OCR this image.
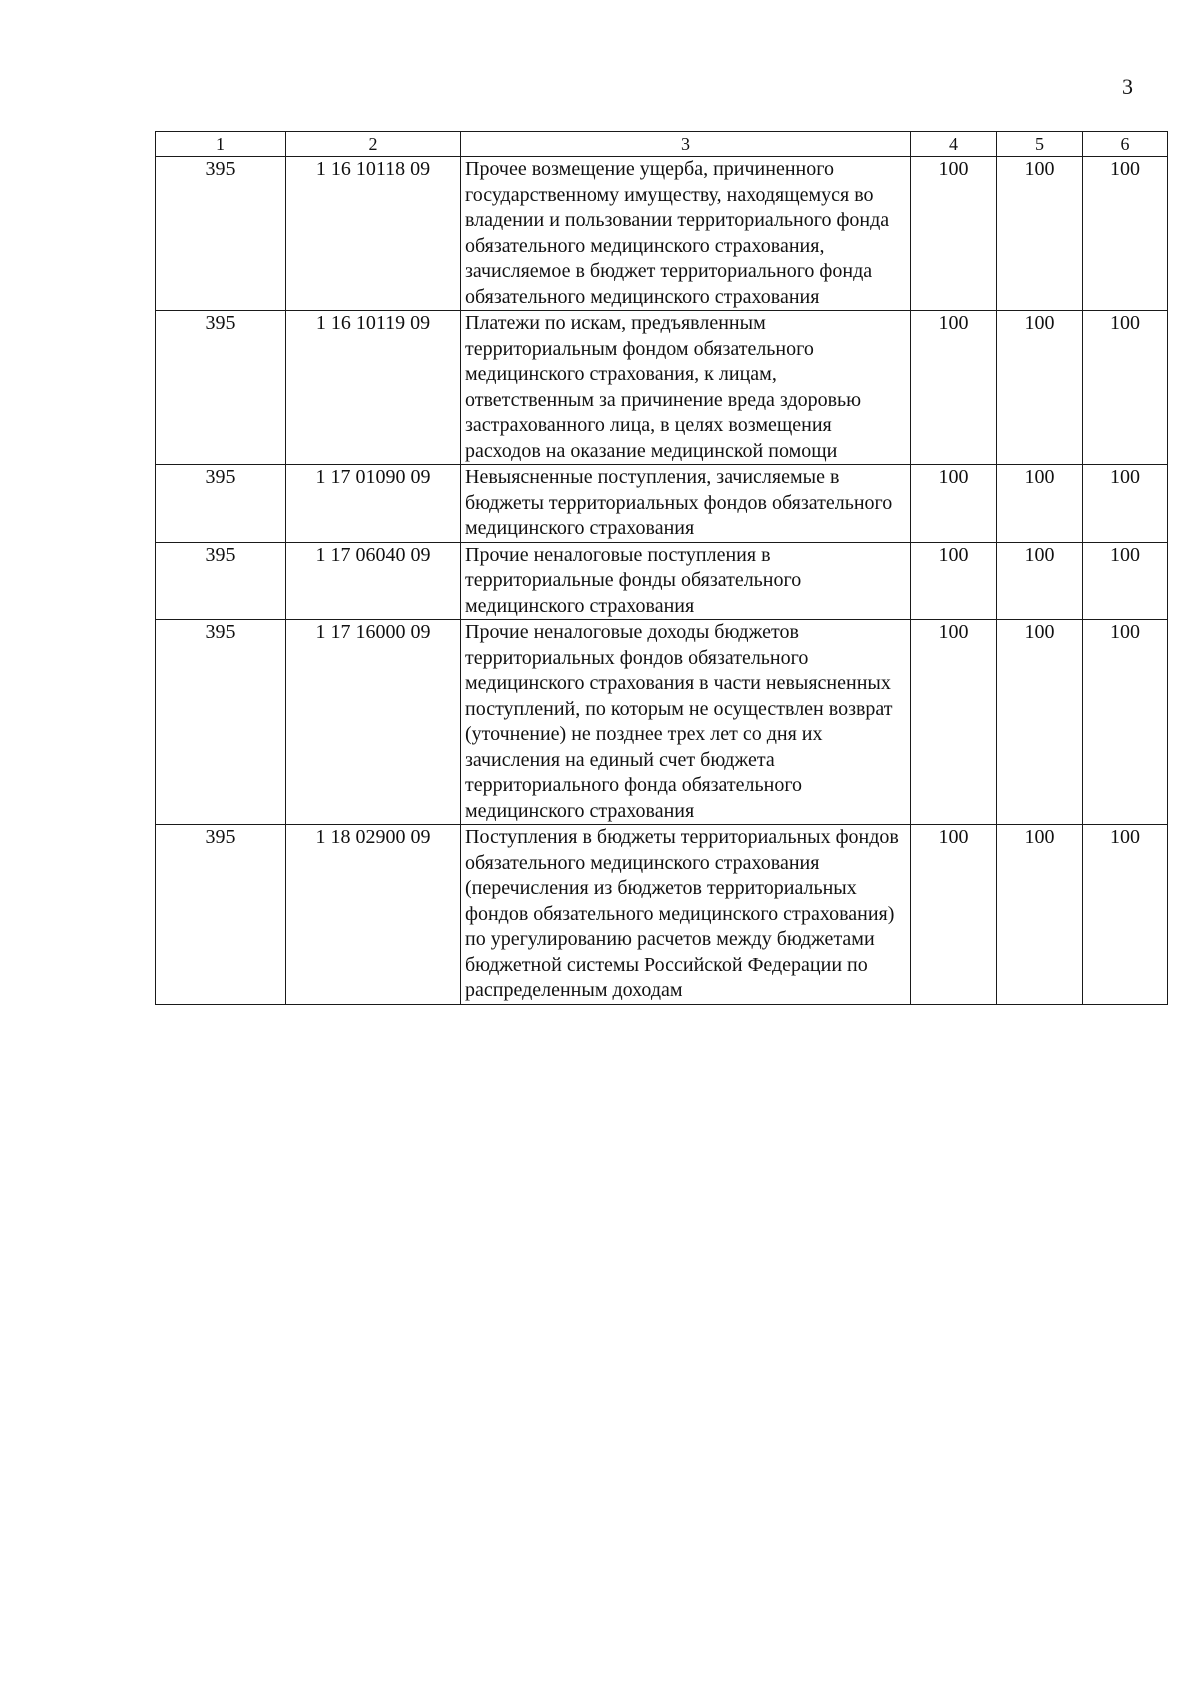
3
1	2	3	4	5	6
395	1 16 10118 09	Прочее возмещение ущерба, причиненного государственному имуществу, находящемуся во владении и пользовании территориального фонда обязательного медицинского страхования, зачисляемое в бюджет территориального фонда обязательного медицинского страхования	100	100	100
395	1 16 10119 09	Платежи по искам, предъявленным территориальным фондом обязательного медицинского страхования, к лицам, ответственным за причинение вреда здоровью застрахованного лица, в целях возмещения расходов на оказание медицинской помощи	100	100	100
395	1 17 01090 09	Невыясненные поступления, зачисляемые в бюджеты территориальных фондов обязательного медицинского страхования	100	100	100
395	1 17 06040 09	Прочие неналоговые поступления в территориальные фонды обязательного медицинского страхования	100	100	100
395	1 17 16000 09	Прочие неналоговые доходы бюджетов территориальных фондов обязательного медицинского страхования в части невыясненных поступлений, по которым не осуществлен возврат (уточнение) не позднее трех лет со дня их зачисления на единый счет бюджета территориального фонда обязательного медицинского страхования	100	100	100
395	1 18 02900 09	Поступления в бюджеты территориальных фондов обязательного медицинского страхования (перечисления из бюджетов территориальных фондов обязательного медицинского страхования) по урегулированию расчетов между бюджетами бюджетной системы Российской Федерации по распределенным доходам	100	100	100
